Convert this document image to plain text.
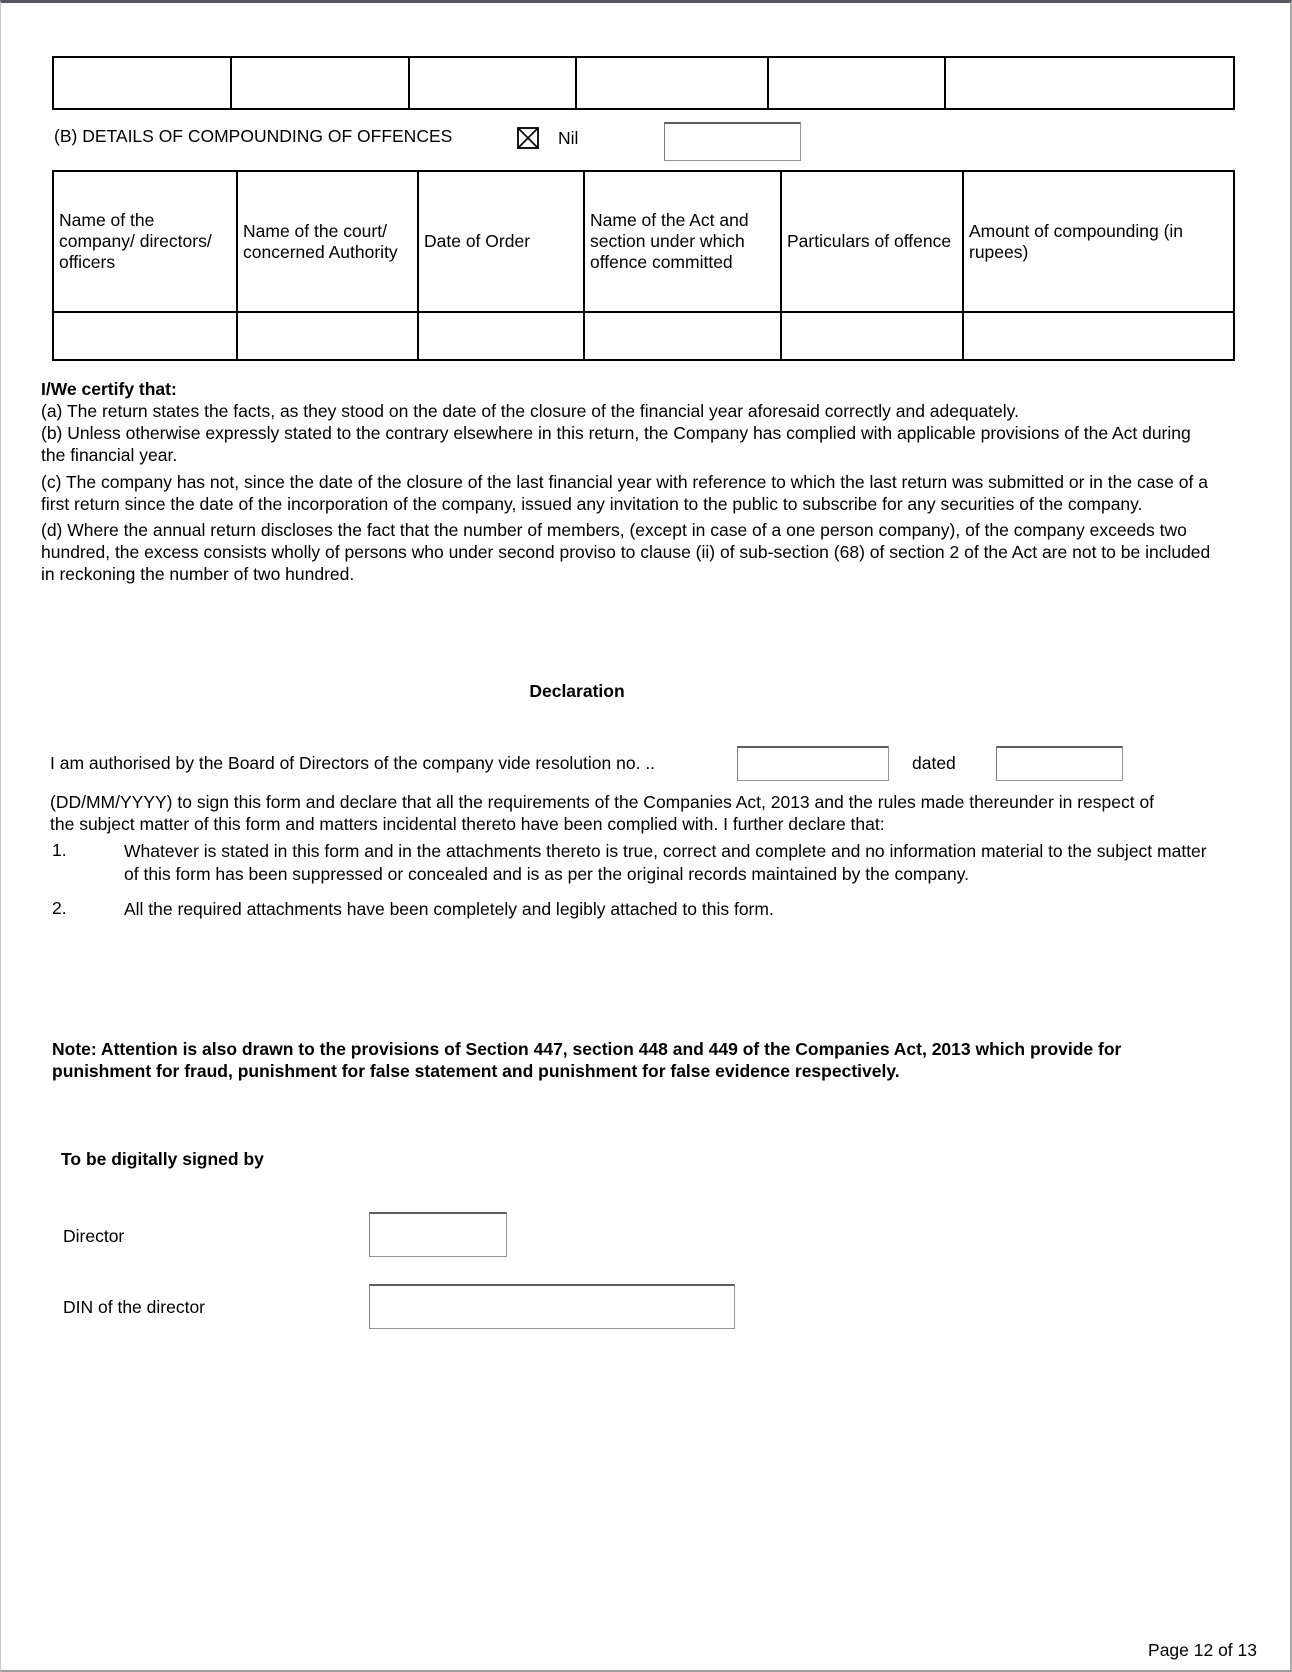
(B) DETAILS OF COMPOUNDING OF OFFENCES	Nil
Name of the company/ directors/ officers	Name of the court/ concerned Authority	Date of Order	Name of the Act and section under which offence committed	Particulars of offence	Amount of compounding (in rupees)

I/We certify that:
(a) The return states the facts, as they stood on the date of the closure of the financial year aforesaid correctly and adequately.
(b) Unless otherwise expressly stated to the contrary elsewhere in this return, the Company has complied with applicable provisions of the Act during the financial year.
(c) The company has not, since the date of the closure of the last financial year with reference to which the last return was submitted or in the case of a first return since the date of the incorporation of the company, issued any invitation to the public to subscribe for any securities of the company.
(d) Where the annual return discloses the fact that the number of members, (except in case of a one person company), of the company exceeds two hundred, the excess consists wholly of persons who under second proviso to clause (ii) of sub-section (68) of section 2 of the Act are not to be included in reckoning the number of two hundred.
Declaration
I am authorised by the Board of Directors of the company vide resolution no. ..	dated
(DD/MM/YYYY) to sign this form and declare that all the requirements of the Companies Act, 2013 and the rules made thereunder in respect of the subject matter of this form and matters incidental thereto have been complied with. I further declare that:
1.	Whatever is stated in this form and in the attachments thereto is true, correct and complete and no information material to the subject matter of this form has been suppressed or concealed and is as per the original records maintained by the company.
2.	All the required attachments have been completely and legibly attached to this form.
Note: Attention is also drawn to the provisions of Section 447, section 448 and 449 of the Companies Act, 2013 which provide for punishment for fraud, punishment for false statement and punishment for false evidence respectively.
To be digitally signed by
Director
DIN of the director
Page 12 of 13
